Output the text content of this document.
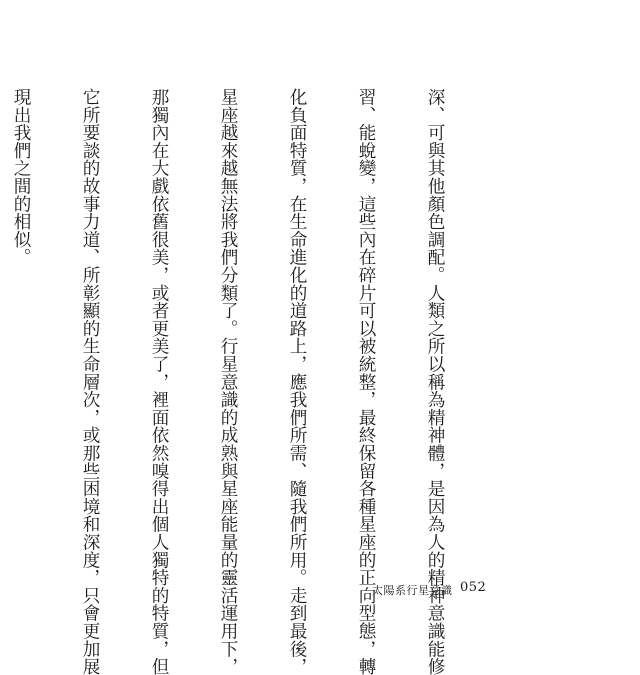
深、可與其他顏色調配。人類之所以稱為精神體，是因為人的精神意識能修

習、能蛻變，這些內在碎片可以被統整，最終保留各種星座的正向型態，轉

化負面特質，在生命進化的道路上，應我們所需、隨我們所用。走到最後，

星座越來越無法將我們分類了。行星意識的成熟與星座能量的靈活運用下，

那獨內在大戲依舊很美，或者更美了，裡面依然嗅得出個人獨特的特質，但

它所要談的故事力道、所彰顯的生命層次，或那些困境和深度，只會更加展

現出我們之間的相似。

太陽系行星意識 052
